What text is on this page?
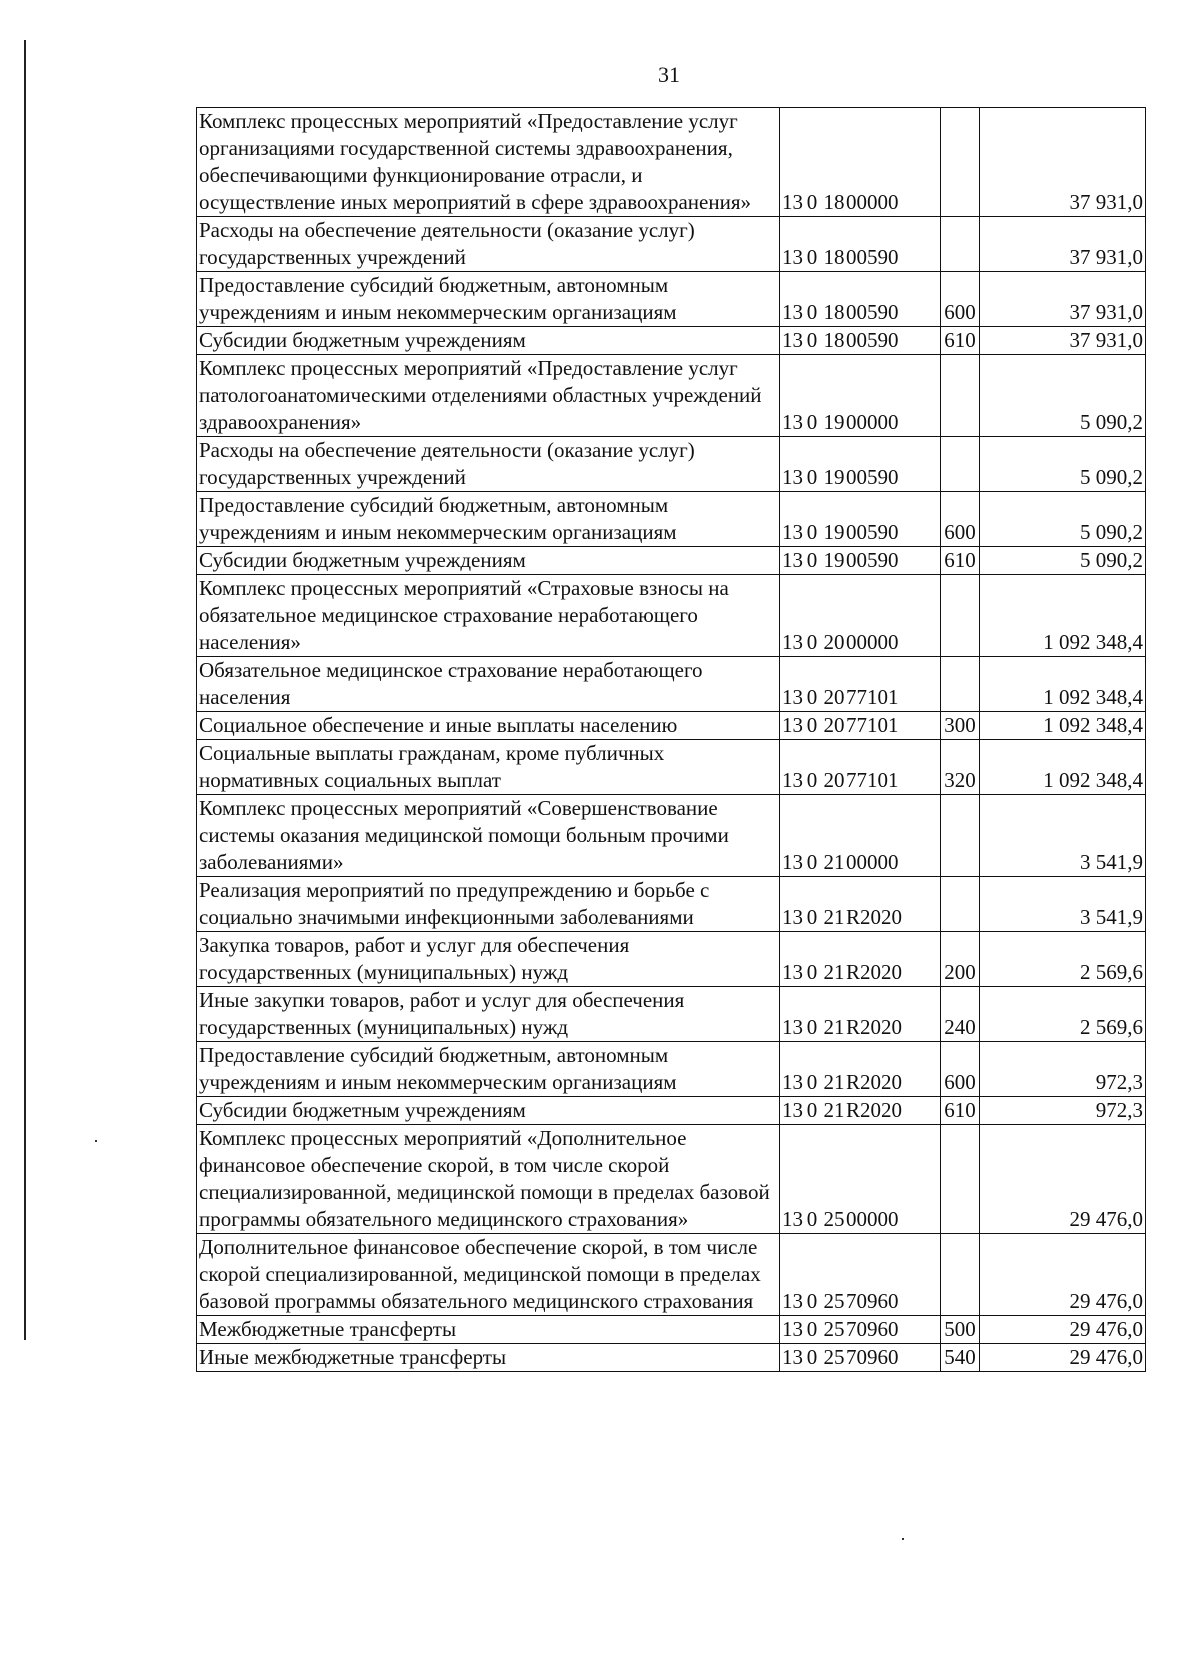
31
Комплекс процессных мероприятий «Предоставление услуг организациями государственной системы здравоохранения, обеспечивающими функционирование отрасли, и осуществление иных мероприятий в сфере здравоохранения»	13 0 1800000		37 931,0
Расходы на обеспечение деятельности (оказание услуг) государственных учреждений	13 0 1800590		37 931,0
Предоставление субсидий бюджетным, автономным учреждениям и иным некоммерческим организациям	13 0 1800590	600	37 931,0
Субсидии бюджетным учреждениям	13 0 1800590	610	37 931,0
Комплекс процессных мероприятий «Предоставление услуг патологоанатомическими отделениями областных учреждений здравоохранения»	13 0 1900000		5 090,2
Расходы на обеспечение деятельности (оказание услуг) государственных учреждений	13 0 1900590		5 090,2
Предоставление субсидий бюджетным, автономным учреждениям и иным некоммерческим организациям	13 0 1900590	600	5 090,2
Субсидии бюджетным учреждениям	13 0 1900590	610	5 090,2
Комплекс процессных мероприятий «Страховые взносы на обязательное медицинское страхование неработающего населения»	13 0 2000000		1 092 348,4
Обязательное медицинское страхование неработающего населения	13 0 2077101		1 092 348,4
Социальное обеспечение и иные выплаты населению	13 0 2077101	300	1 092 348,4
Социальные выплаты гражданам, кроме публичных нормативных социальных выплат	13 0 2077101	320	1 092 348,4
Комплекс процессных мероприятий «Совершенствование системы оказания медицинской помощи больным прочими заболеваниями»	13 0 2100000		3 541,9
Реализация мероприятий по предупреждению и борьбе с социально значимыми инфекционными заболеваниями	13 0 21R2020		3 541,9
Закупка товаров, работ и услуг для обеспечения государственных (муниципальных) нужд	13 0 21R2020	200	2 569,6
Иные закупки товаров, работ и услуг для обеспечения государственных (муниципальных) нужд	13 0 21R2020	240	2 569,6
Предоставление субсидий бюджетным, автономным учреждениям и иным некоммерческим организациям	13 0 21R2020	600	972,3
Субсидии бюджетным учреждениям	13 0 21R2020	610	972,3
Комплекс процессных мероприятий «Дополнительное финансовое обеспечение скорой, в том числе скорой специализированной, медицинской помощи в пределах базовой программы обязательного медицинского страхования»	13 0 2500000		29 476,0
Дополнительное финансовое обеспечение скорой, в том числе скорой специализированной, медицинской помощи в пределах базовой программы обязательного медицинского страхования	13 0 2570960		29 476,0
Межбюджетные трансферты	13 0 2570960	500	29 476,0
Иные межбюджетные трансферты	13 0 2570960	540	29 476,0
